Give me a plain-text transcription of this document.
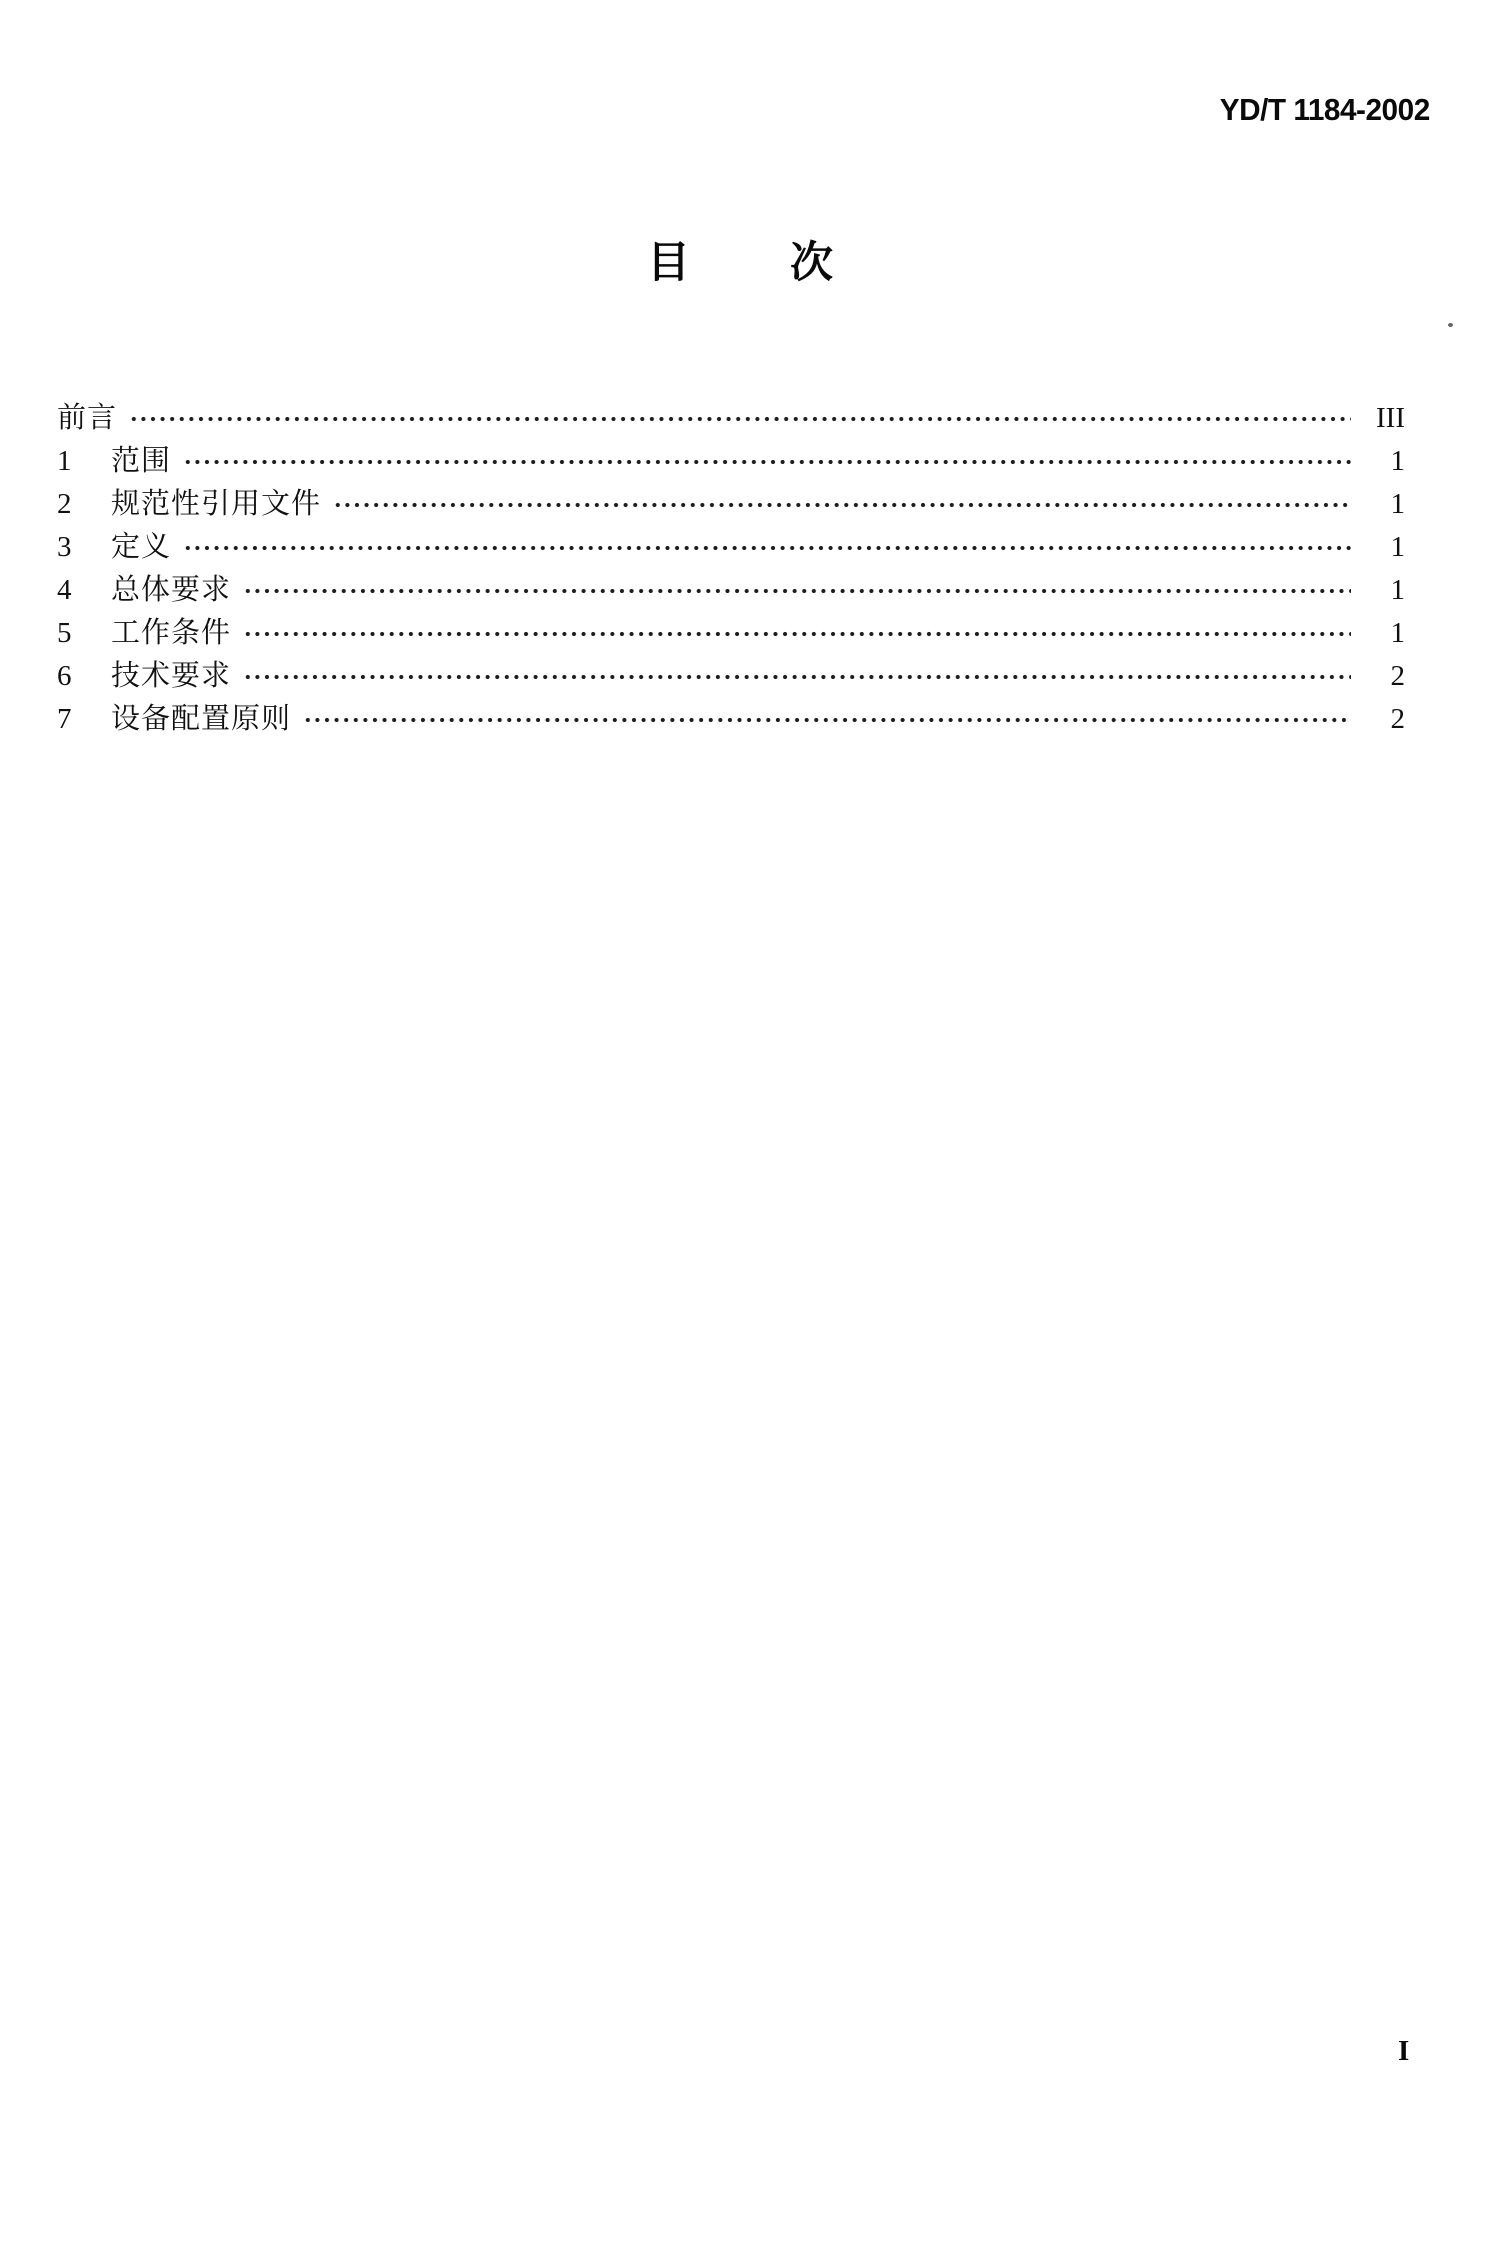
YD/T 1184-2002
目 次
前言	III
1	范围	1
2	规范性引用文件	1
3	定义	1
4	总体要求	1
5	工作条件	1
6	技术要求	2
7	设备配置原则	2
I
